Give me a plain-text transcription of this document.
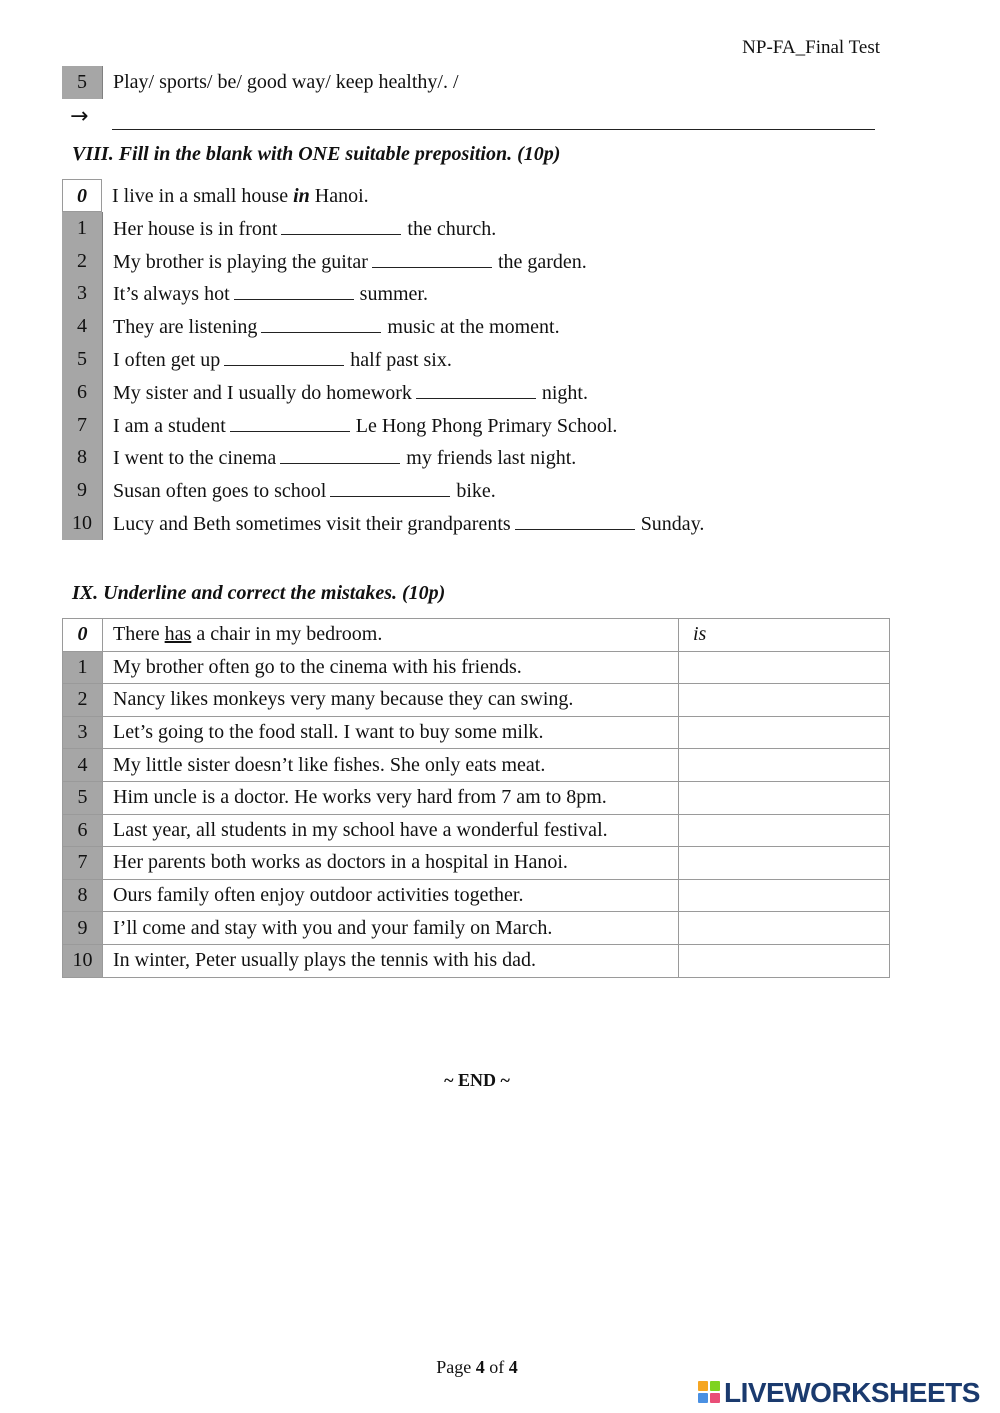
NP-FA_Final Test
5	Play/ sports/ be/ good way/ keep healthy/. /
→
VIII. Fill in the blank with ONE suitable preposition. (10p)
0	I live in a small house in Hanoi.
1	Her house is in front	the church.
2	My brother is playing the guitar	the garden.
3	It’s always hot	summer.
4	They are listening	music at the moment.
5	I often get up	half past six.
6	My sister and I usually do homework	night.
7	I am a student	Le Hong Phong Primary School.
8	I went to the cinema	my friends last night.
9	Susan often goes to school	bike.
10	Lucy and Beth sometimes visit their grandparents	Sunday.
IX. Underline and correct the mistakes. (10p)
0	There has a chair in my bedroom.	is
1	My brother often go to the cinema with his friends.	
2	Nancy likes monkeys very many because they can swing.	
3	Let’s going to the food stall. I want to buy some milk.	
4	My little sister doesn’t like fishes. She only eats meat.	
5	Him uncle is a doctor. He works very hard from 7 am to 8pm.	
6	Last year, all students in my school have a wonderful festival.	
7	Her parents both works as doctors in a hospital in Hanoi.	
8	Ours family often enjoy outdoor activities together.	
9	I’ll come and stay with you and your family on March.	
10	In winter, Peter usually plays the tennis with his dad.	
~ END ~
Page 4 of 4
LIVEWORKSHEETS
